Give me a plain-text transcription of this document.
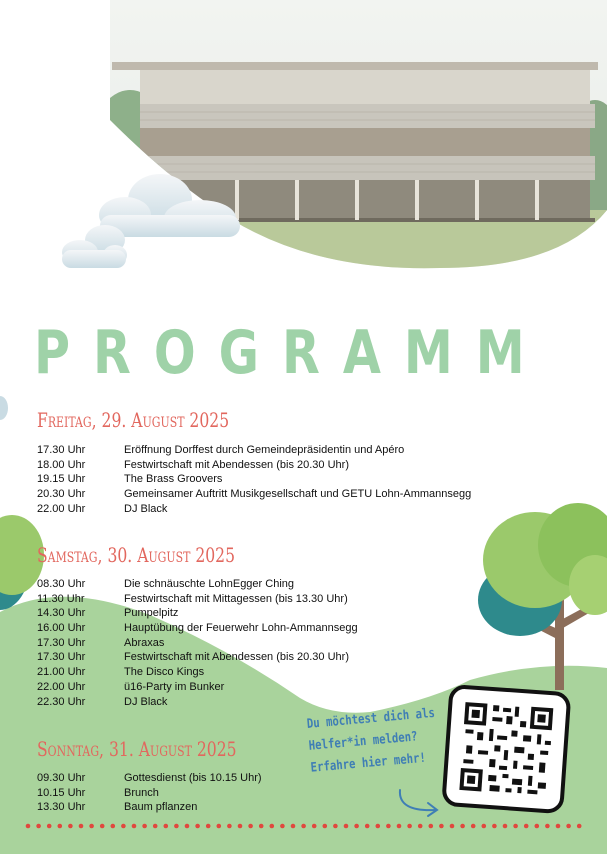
PROGRAMM
Freitag, 29. August 2025
17.30 Uhr	Eröffnung Dorffest durch Gemeindepräsidentin und Apéro
18.00 Uhr	Festwirtschaft mit Abendessen (bis 20.30 Uhr)
19.15 Uhr	The Brass Groovers
20.30 Uhr	Gemeinsamer Auftritt Musikgesellschaft und GETU Lohn-Ammannsegg
22.00 Uhr	DJ Black
Samstag, 30. August 2025
08.30 Uhr	Die schnäuschte LohnEgger Ching
11.30 Uhr	Festwirtschaft mit Mittagessen (bis 13.30 Uhr)
14.30 Uhr	Pumpelpitz
16.00 Uhr	Hauptübung der Feuerwehr Lohn-Ammannsegg
17.30 Uhr	Abraxas
17.30 Uhr	Festwirtschaft mit Abendessen (bis 20.30 Uhr)
21.00 Uhr	The Disco Kings
22.00 Uhr	ü16-Party im Bunker
22.30 Uhr	DJ Black
Sonntag, 31. August 2025
09.30 Uhr	Gottesdienst (bis 10.15 Uhr)
10.15 Uhr	Brunch
13.30 Uhr	Baum pflanzen
Du möchtest dich als
Helfer*in melden?
Erfahre hier mehr!
